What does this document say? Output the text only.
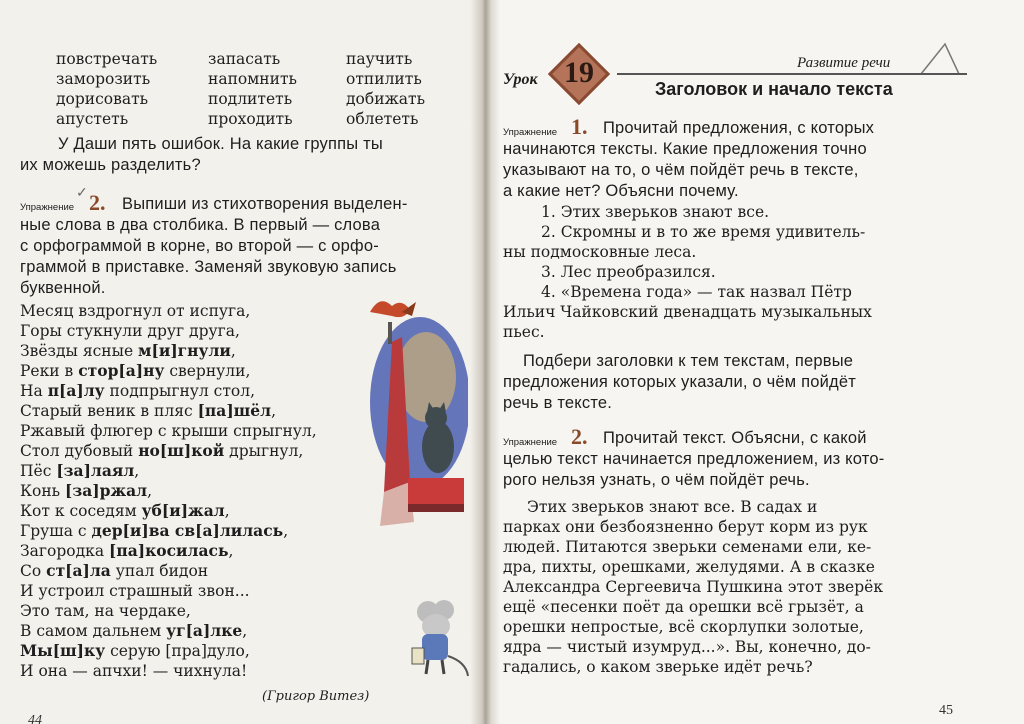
повстречать
заморозить
дорисовать
апустеть
запасать
напомнить
подлитеть
проходить
паучить
отпилить
добижать
облететь
У Даши пять ошибок. На какие группы ты
их можешь разделить?
Упражнение
✓ 2. Выпиши из стихотворения выделен-
ные слова в два столбика. В первый — слова
с орфограммой в корне, во второй — с орфо-
граммой в приставке. Заменяй звуковую запись
буквенной.
Месяц вздрогнул от испуга,
Горы стукнули друг друга,
Звёзды ясные м[и]гнули,
Реки в стор[а]ну свернули,
На п[а]лу подпрыгнул стол,
Старый веник в пляс [па]шёл,
Ржавый флюгер с крыши спрыгнул,
Стол дубовый но[ш]кой дрыгнул,
Пёс [за]лаял,
Конь [за]ржал,
Кот к соседям уб[и]жал,
Груша с дер[и]ва св[а]лилась,
Загородка [па]косилась,
Со ст[а]ла упал бидон
И устроил страшный звон...
Это там, на чердаке,
В самом дальнем уг[а]лке,
Мы[ш]ку серую [пра]дуло,
И она — апчхи! — чихнула!
(Григор Витез)
44
Развитие речи
Урок 19	Заголовок и начало текста
Упражнение 1. Прочитай предложения, с которых
начинаются тексты. Какие предложения точно
указывают на то, о чём пойдёт речь в тексте,
а какие нет? Объясни почему.
1. Этих зверьков знают все.
2. Скромны и в то же время удивитель-
ны подмосковные леса.
3. Лес преобразился.
4. «Времена года» — так назвал Пётр
Ильич Чайковский двенадцать музыкальных
пьес.
Подбери заголовки к тем текстам, первые
предложения которых указали, о чём пойдёт
речь в тексте.
Упражнение 2. Прочитай текст. Объясни, с какой
целью текст начинается предложением, из кото-
рого нельзя узнать, о чём пойдёт речь.
Этих зверьков знают все. В садах и
парках они безбоязненно берут корм из рук
людей. Питаются зверьки семенами ели, ке-
дра, пихты, орешками, желудями. А в сказке
Александра Сергеевича Пушкина этот зверёк
ещё «песенки поёт да орешки всё грызёт, а
орешки непростые, всё скорлупки золотые,
ядра — чистый изумруд...». Вы, конечно, до-
гадались, о каком зверьке идёт речь?
45
